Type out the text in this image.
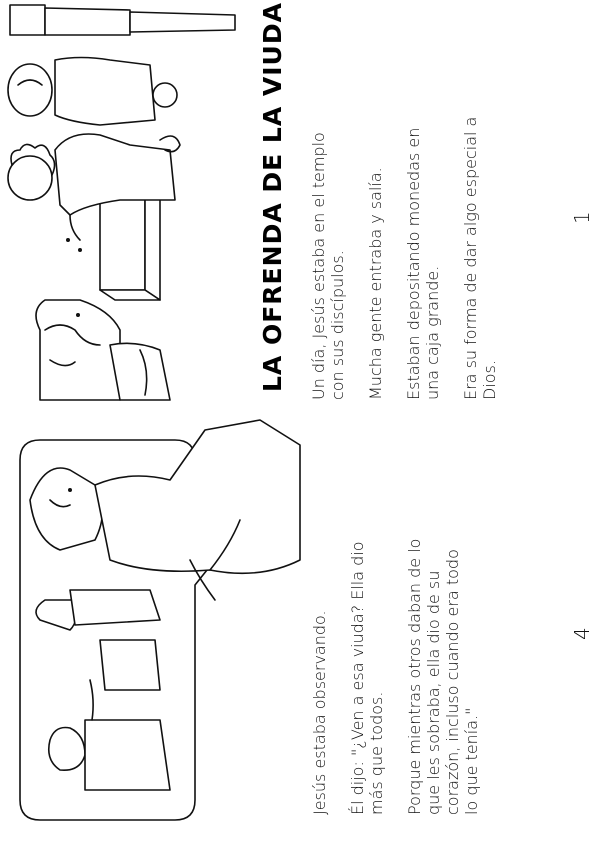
LA OFRENDA DE LA VIUDA Un día, Jesús estaba en el templo con sus discípulos. Mucha gente entraba y salía. Estaban depositando monedas en una caja grande. Era su forma de dar algo especial a Dios.
1
Jesús estaba observando. Él dijo: "¿Ven a esa viuda? Ella dio más que todos. Porque mientras otros daban de lo que les sobraba, ella dio de su corazón, incluso cuando era todo lo que tenía."
4
